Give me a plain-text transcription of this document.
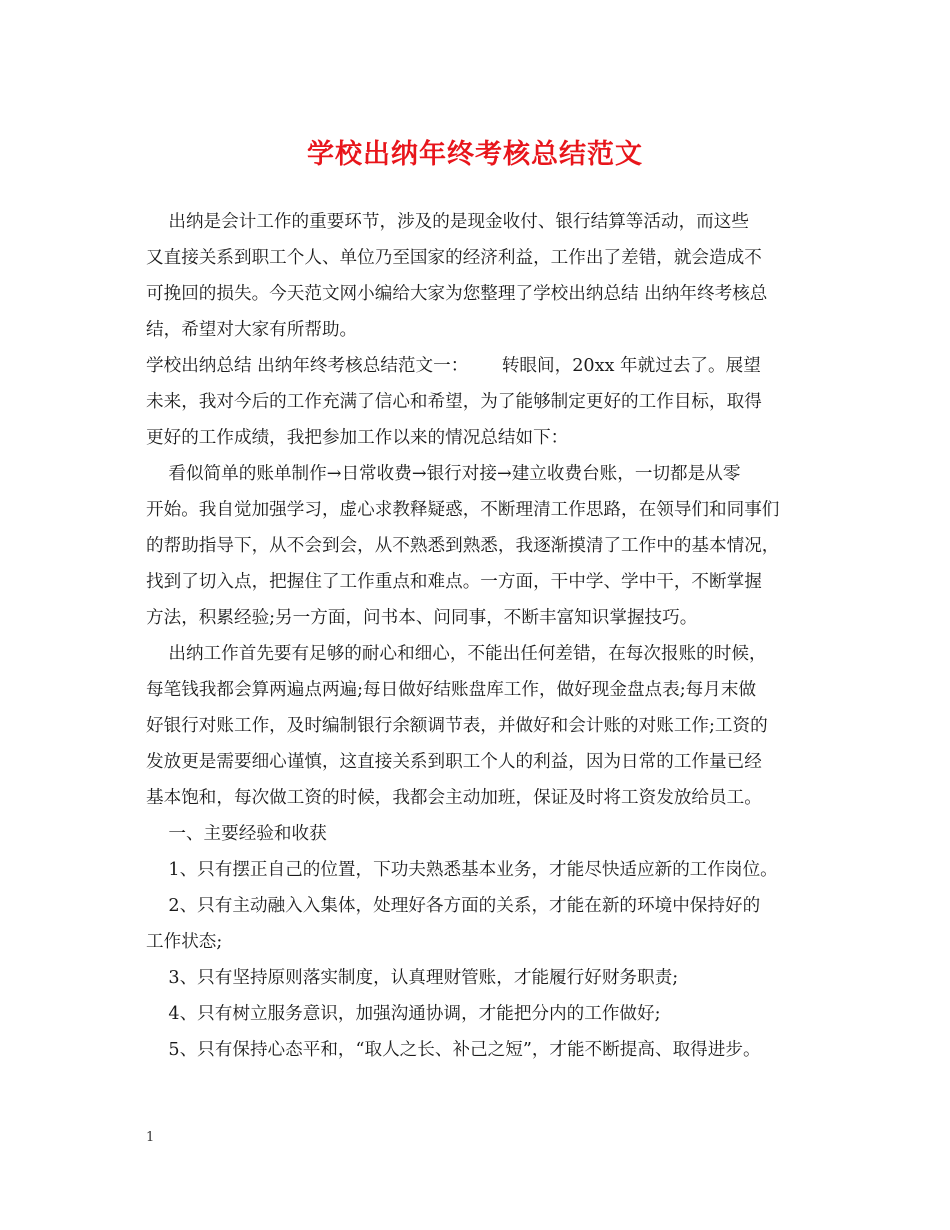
学校出纳年终考核总结范文
出纳是会计工作的重要环节，涉及的是现金收付、银行结算等活动，而这些
又直接关系到职工个人、单位乃至国家的经济利益，工作出了差错，就会造成不
可挽回的损失。今天范文网小编给大家为您整理了学校出纳总结 出纳年终考核总
结，希望对大家有所帮助。
学校出纳总结 出纳年终考核总结范文一：      转眼间，20xx 年就过去了。展望
未来，我对今后的工作充满了信心和希望，为了能够制定更好的工作目标，取得
更好的工作成绩，我把参加工作以来的情况总结如下：
看似简单的账单制作→日常收费→银行对接→建立收费台账，一切都是从零
开始。我自觉加强学习，虚心求教释疑惑，不断理清工作思路，在领导们和同事们
的帮助指导下，从不会到会，从不熟悉到熟悉，我逐渐摸清了工作中的基本情况，
找到了切入点，把握住了工作重点和难点。一方面，干中学、学中干，不断掌握
方法，积累经验;另一方面，问书本、问同事，不断丰富知识掌握技巧。
出纳工作首先要有足够的耐心和细心，不能出任何差错，在每次报账的时候，
每笔钱我都会算两遍点两遍;每日做好结账盘库工作，做好现金盘点表;每月末做
好银行对账工作，及时编制银行余额调节表，并做好和会计账的对账工作;工资的
发放更是需要细心谨慎，这直接关系到职工个人的利益，因为日常的工作量已经
基本饱和，每次做工资的时候，我都会主动加班，保证及时将工资发放给员工。
一、主要经验和收获
1、只有摆正自己的位置，下功夫熟悉基本业务，才能尽快适应新的工作岗位。
2、只有主动融入入集体，处理好各方面的关系，才能在新的环境中保持好的
工作状态;
3、只有坚持原则落实制度，认真理财管账，才能履行好财务职责;
4、只有树立服务意识，加强沟通协调，才能把分内的工作做好;
5、只有保持心态平和，“取人之长、补己之短”，才能不断提高、取得进步。
1
